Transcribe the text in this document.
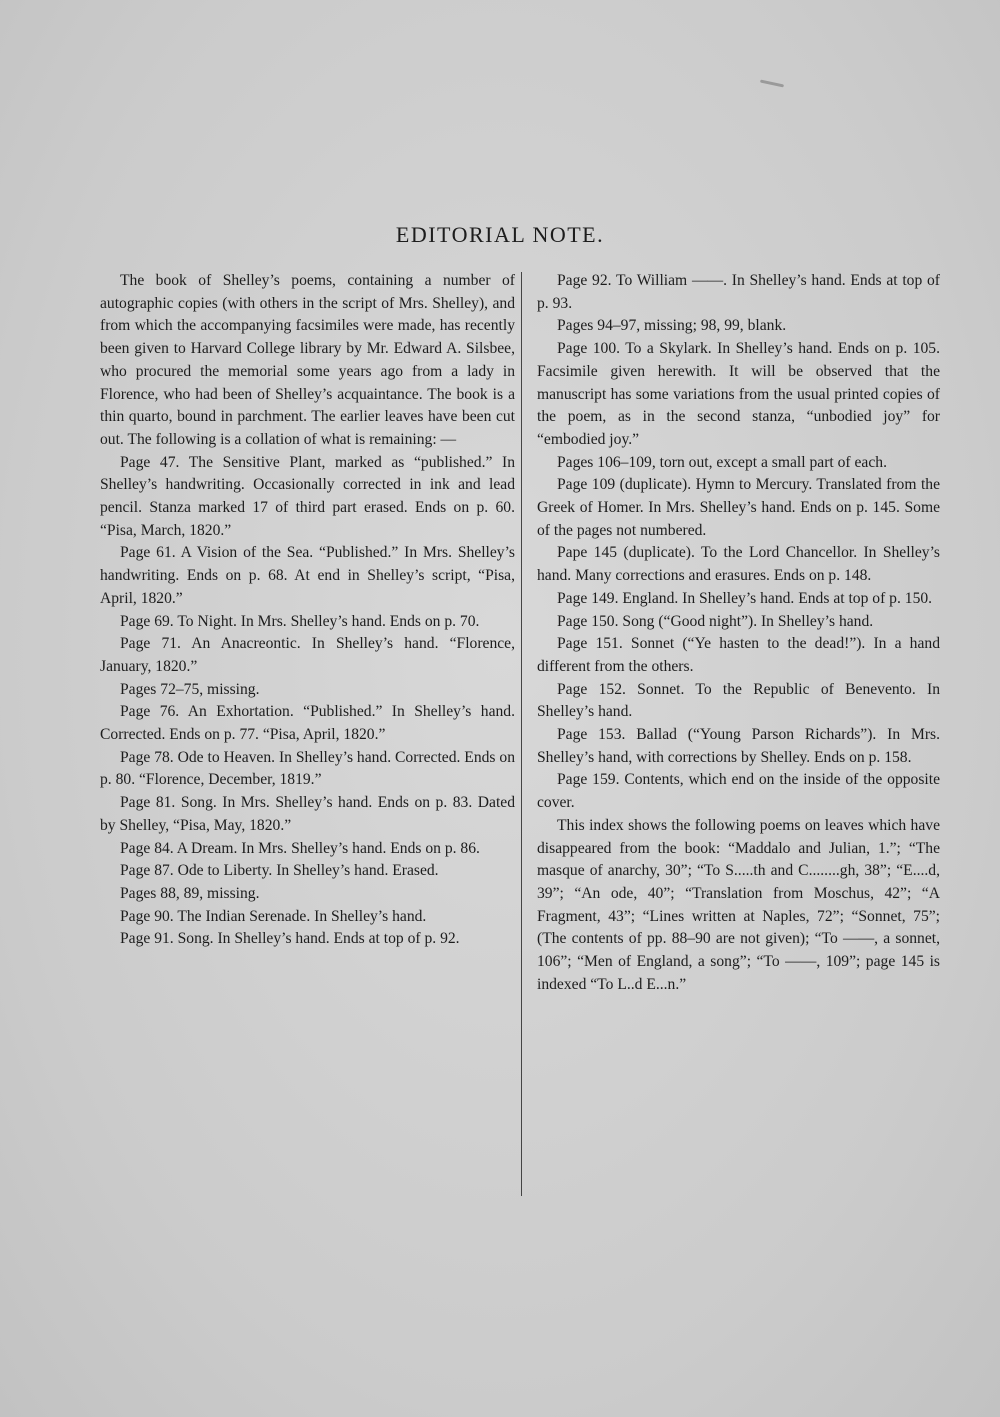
EDITORIAL NOTE.

The book of Shelley’s poems, containing a number of autographic copies (with others in the script of Mrs. Shelley), and from which the accompanying facsimiles were made, has recently been given to Harvard College library by Mr. Edward A. Silsbee, who procured the memorial some years ago from a lady in Florence, who had been of Shelley’s acquaintance. The book is a thin quarto, bound in parchment. The earlier leaves have been cut out. The following is a collation of what is remaining: —

Page 47. The Sensitive Plant, marked as “published.” In Shelley’s handwriting. Occasionally corrected in ink and lead pencil. Stanza marked 17 of third part erased. Ends on p. 60. “Pisa, March, 1820.”

Page 61. A Vision of the Sea. “Published.” In Mrs. Shelley’s handwriting. Ends on p. 68. At end in Shelley’s script, “Pisa, April, 1820.”

Page 69. To Night. In Mrs. Shelley’s hand. Ends on p. 70.

Page 71. An Anacreontic. In Shelley’s hand. “Florence, January, 1820.”

Pages 72–75, missing.

Page 76. An Exhortation. “Published.” In Shelley’s hand. Corrected. Ends on p. 77. “Pisa, April, 1820.”

Page 78. Ode to Heaven. In Shelley’s hand. Corrected. Ends on p. 80. “Florence, December, 1819.”

Page 81. Song. In Mrs. Shelley’s hand. Ends on p. 83. Dated by Shelley, “Pisa, May, 1820.”

Page 84. A Dream. In Mrs. Shelley’s hand. Ends on p. 86.

Page 87. Ode to Liberty. In Shelley’s hand. Erased.

Pages 88, 89, missing.

Page 90. The Indian Serenade. In Shelley’s hand.

Page 91. Song. In Shelley’s hand. Ends at top of p. 92.

Page 92. To William ——. In Shelley’s hand. Ends at top of p. 93.

Pages 94–97, missing; 98, 99, blank.

Page 100. To a Skylark. In Shelley’s hand. Ends on p. 105. Facsimile given herewith. It will be observed that the manuscript has some variations from the usual printed copies of the poem, as in the second stanza, “unbodied joy” for “embodied joy.”

Pages 106–109, torn out, except a small part of each.

Page 109 (duplicate). Hymn to Mercury. Translated from the Greek of Homer. In Mrs. Shelley’s hand. Ends on p. 145. Some of the pages not numbered.

Pape 145 (duplicate). To the Lord Chancellor. In Shelley’s hand. Many corrections and erasures. Ends on p. 148.

Page 149. England. In Shelley’s hand. Ends at top of p. 150.

Page 150. Song (“Good night”). In Shelley’s hand.

Page 151. Sonnet (“Ye hasten to the dead!”). In a hand different from the others.

Page 152. Sonnet. To the Republic of Benevento. In Shelley’s hand.

Page 153. Ballad (“Young Parson Richards”). In Mrs. Shelley’s hand, with corrections by Shelley. Ends on p. 158.

Page 159. Contents, which end on the inside of the opposite cover.

This index shows the following poems on leaves which have disappeared from the book: “Maddalo and Julian, 1.”; “The masque of anarchy, 30”; “To S.....th and C........gh, 38”; “E....d, 39”; “An ode, 40”; “Translation from Moschus, 42”; “A Fragment, 43”; “Lines written at Naples, 72”; “Sonnet, 75”; (The contents of pp. 88–90 are not given); “To ——, a sonnet, 106”; “Men of England, a song”; “To ——, 109”; page 145 is indexed “To L..d E...n.”
